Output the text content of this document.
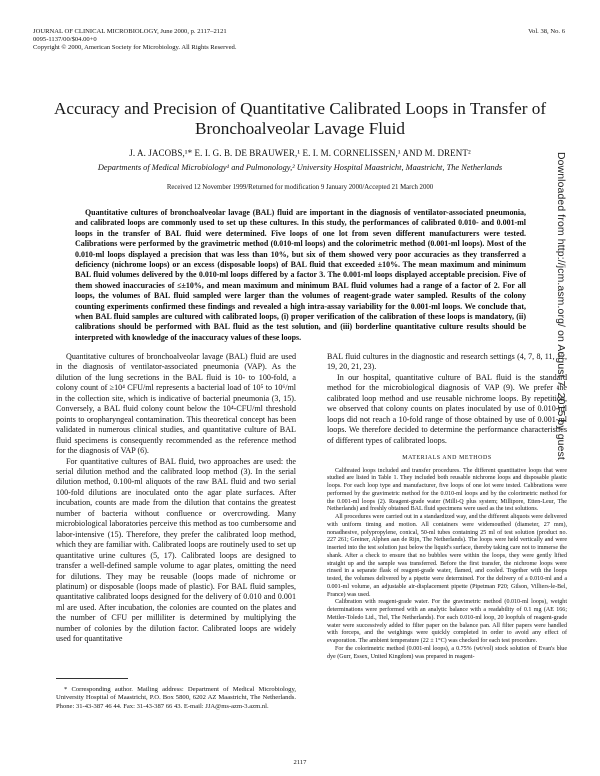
JOURNAL OF CLINICAL MICROBIOLOGY, June 2000, p. 2117–2121
0095-1137/00/$04.00+0
Copyright © 2000, American Society for Microbiology. All Rights Reserved.
Vol. 38, No. 6
Accuracy and Precision of Quantitative Calibrated Loops in Transfer of Bronchoalveolar Lavage Fluid
J. A. JACOBS,¹* E. I. G. B. DE BRAUWER,¹ E. I. M. CORNELISSEN,¹ AND M. DRENT²
Departments of Medical Microbiology¹ and Pulmonology,² University Hospital Maastricht, Maastricht, The Netherlands
Received 12 November 1999/Returned for modification 9 January 2000/Accepted 21 March 2000
Quantitative cultures of bronchoalveolar lavage (BAL) fluid are important in the diagnosis of ventilator-associated pneumonia, and calibrated loops are commonly used to set up these cultures. In this study, the performances of calibrated 0.010- and 0.001-ml loops in the transfer of BAL fluid were determined. Five loops of one lot from seven different manufacturers were tested. Calibrations were performed by the gravimetric method (0.010-ml loops) and the colorimetric method (0.001-ml loops). Most of the 0.010-ml loops displayed a precision that was less than 10%, but six of them showed very poor accuracies as they transferred a deficiency (nichrome loops) or an excess (disposable loops) of BAL fluid that exceeded ±10%. The mean maximum and minimum BAL fluid volumes delivered by the 0.010-ml loops differed by a factor 3. The 0.001-ml loops displayed acceptable precision. Five of them showed inaccuracies of ≤±10%, and mean maximum and minimum BAL fluid volumes had a range of a factor of 2. For all loops, the volumes of BAL fluid sampled were larger than the volumes of reagent-grade water sampled. Results of the colony counting experiments confirmed these findings and revealed a high intra-assay variability for the 0.001-ml loops. We conclude that, when BAL fluid samples are cultured with calibrated loops, (i) proper verification of the calibration of these loops is mandatory, (ii) calibrations should be performed with BAL fluid as the test solution, and (iii) borderline quantitative culture results should be interpreted with knowledge of the inaccuracy values of these loops.

Quantitative cultures of bronchoalveolar lavage (BAL) fluid are used in the diagnosis of ventilator-associated pneumonia (VAP). As the dilution of the lung secretions in the BAL fluid is 10- to 100-fold, a colony count of ≥10⁴ CFU/ml represents a bacterial load of 10⁵ to 10⁶/ml in the collection site, which is indicative of bacterial pneumonia (3, 15). Conversely, a BAL fluid colony count below the 10⁴-CFU/ml threshold points to oropharyngeal contamination. This theoretical concept has been validated in numerous clinical studies, and quantitative culture of BAL fluid specimens is consequently recommended as the reference method for the diagnosis of VAP (6).

For quantitative cultures of BAL fluid, two approaches are used: the serial dilution method and the calibrated loop method (3). In the serial dilution method, 0.100-ml aliquots of the raw BAL fluid and two serial 100-fold dilutions are inoculated onto the agar plate surfaces. After incubation, counts are made from the dilution that contains the greatest number of bacteria without confluence or overcrowding. Many microbiological laboratories perceive this method as too cumbersome and labor-intensive (15). Therefore, they prefer the calibrated loop method, which they are familiar with. Calibrated loops are routinely used to set up quantitative urine cultures (5, 17). Calibrated loops are designed to transfer a well-defined sample volume to agar plates, omitting the need for dilutions. They may be reusable (loops made of nichrome or platinum) or disposable (loops made of plastic). For BAL fluid samples, quantitative calibrated loops designed for the delivery of 0.010 and 0.001 ml are used. After incubation, the colonies are counted on the plates and the number of CFU per milliliter is determined by multiplying the number of colonies by the dilution factor. Calibrated loops are widely used for quantitative

BAL fluid cultures in the diagnostic and research settings (4, 7, 8, 11, 12, 19, 20, 21, 23).

In our hospital, quantitative culture of BAL fluid is the standard method for the microbiological diagnosis of VAP (9). We prefer the calibrated loop method and use reusable nichrome loops. By repetition, we observed that colony counts on plates inoculated by use of 0.010-ml loops did not reach a 10-fold range of those obtained by use of 0.001-ml loops. We therefore decided to determine the performance characteristics of different types of calibrated loops.

MATERIALS AND METHODS

Calibrated loops included and transfer procedures. The different quantitative loops that were studied are listed in Table 1. They included both reusable nichrome loops and disposable plastic loops. For each loop type and manufacturer, five loops of one lot were tested. Calibrations were performed by the gravimetric method for the 0.010-ml loops and by the colorimetric method for the 0.001-ml loops (2). Reagent-grade water (Milli-Q plus system; Millipore, Etten-Leur, The Netherlands) and freshly obtained BAL fluid specimens were used as the test solutions.

All procedures were carried out in a standardized way, and the different aliquots were delivered with uniform timing and motion. All containers were widemouthed (diameter, 27 mm), nonadhesive, polypropylene, conical, 50-ml tubes containing 25 ml of test solution (product no. 227 261; Greiner, Alphen aan de Rijn, The Netherlands). The loops were held vertically and were inserted into the test solution just below the liquid's surface, thereby taking care not to immerse the shank. After a check to ensure that no bubbles were within the loops, they were gently lifted straight up and the sample was transferred. Before the first transfer, the nichrome loops were rinsed in a separate flask of reagent-grade water, flamed, and cooled. Together with the loops tested, the volumes delivered by a pipette were determined. For the delivery of a 0.010-ml and a 0.001-ml volume, an adjustable air-displacement pipette (Pipetman P20; Gilson, Villiers-le-Bel, France) was used.

Calibration with reagent-grade water. For the gravimetric method (0.010-ml loops), weight determinations were performed with an analytic balance with a readability of 0.1 mg (AE 166; Mettler-Toledo Ltd., Tiel, The Netherlands). For each 0.010-ml loop, 20 loopfuls of reagent-grade water were successively added to filter paper on the balance pan. All filter papers were handled with forceps, and the weighings were quickly completed in order to avoid any effect of evaporation. The ambient temperature (22 ± 1°C) was checked for each test procedure.

For the colorimetric method (0.001-ml loops), a 0.75% (wt/vol) stock solution of Evan's blue dye (Gurr, Essex, United Kingdom) was prepared in reagent-

* Corresponding author. Mailing address: Department of Medical Microbiology, University Hospital of Maastricht, P.O. Box 5800, 6202 AZ Maastricht, The Netherlands. Phone: 31-43-387 46 44. Fax: 31-43-387 66 43. E-mail: JJA@ms-azm-3.azm.nl.
2117
Downloaded from http://jcm.asm.org/ on August 7, 2015 by guest
